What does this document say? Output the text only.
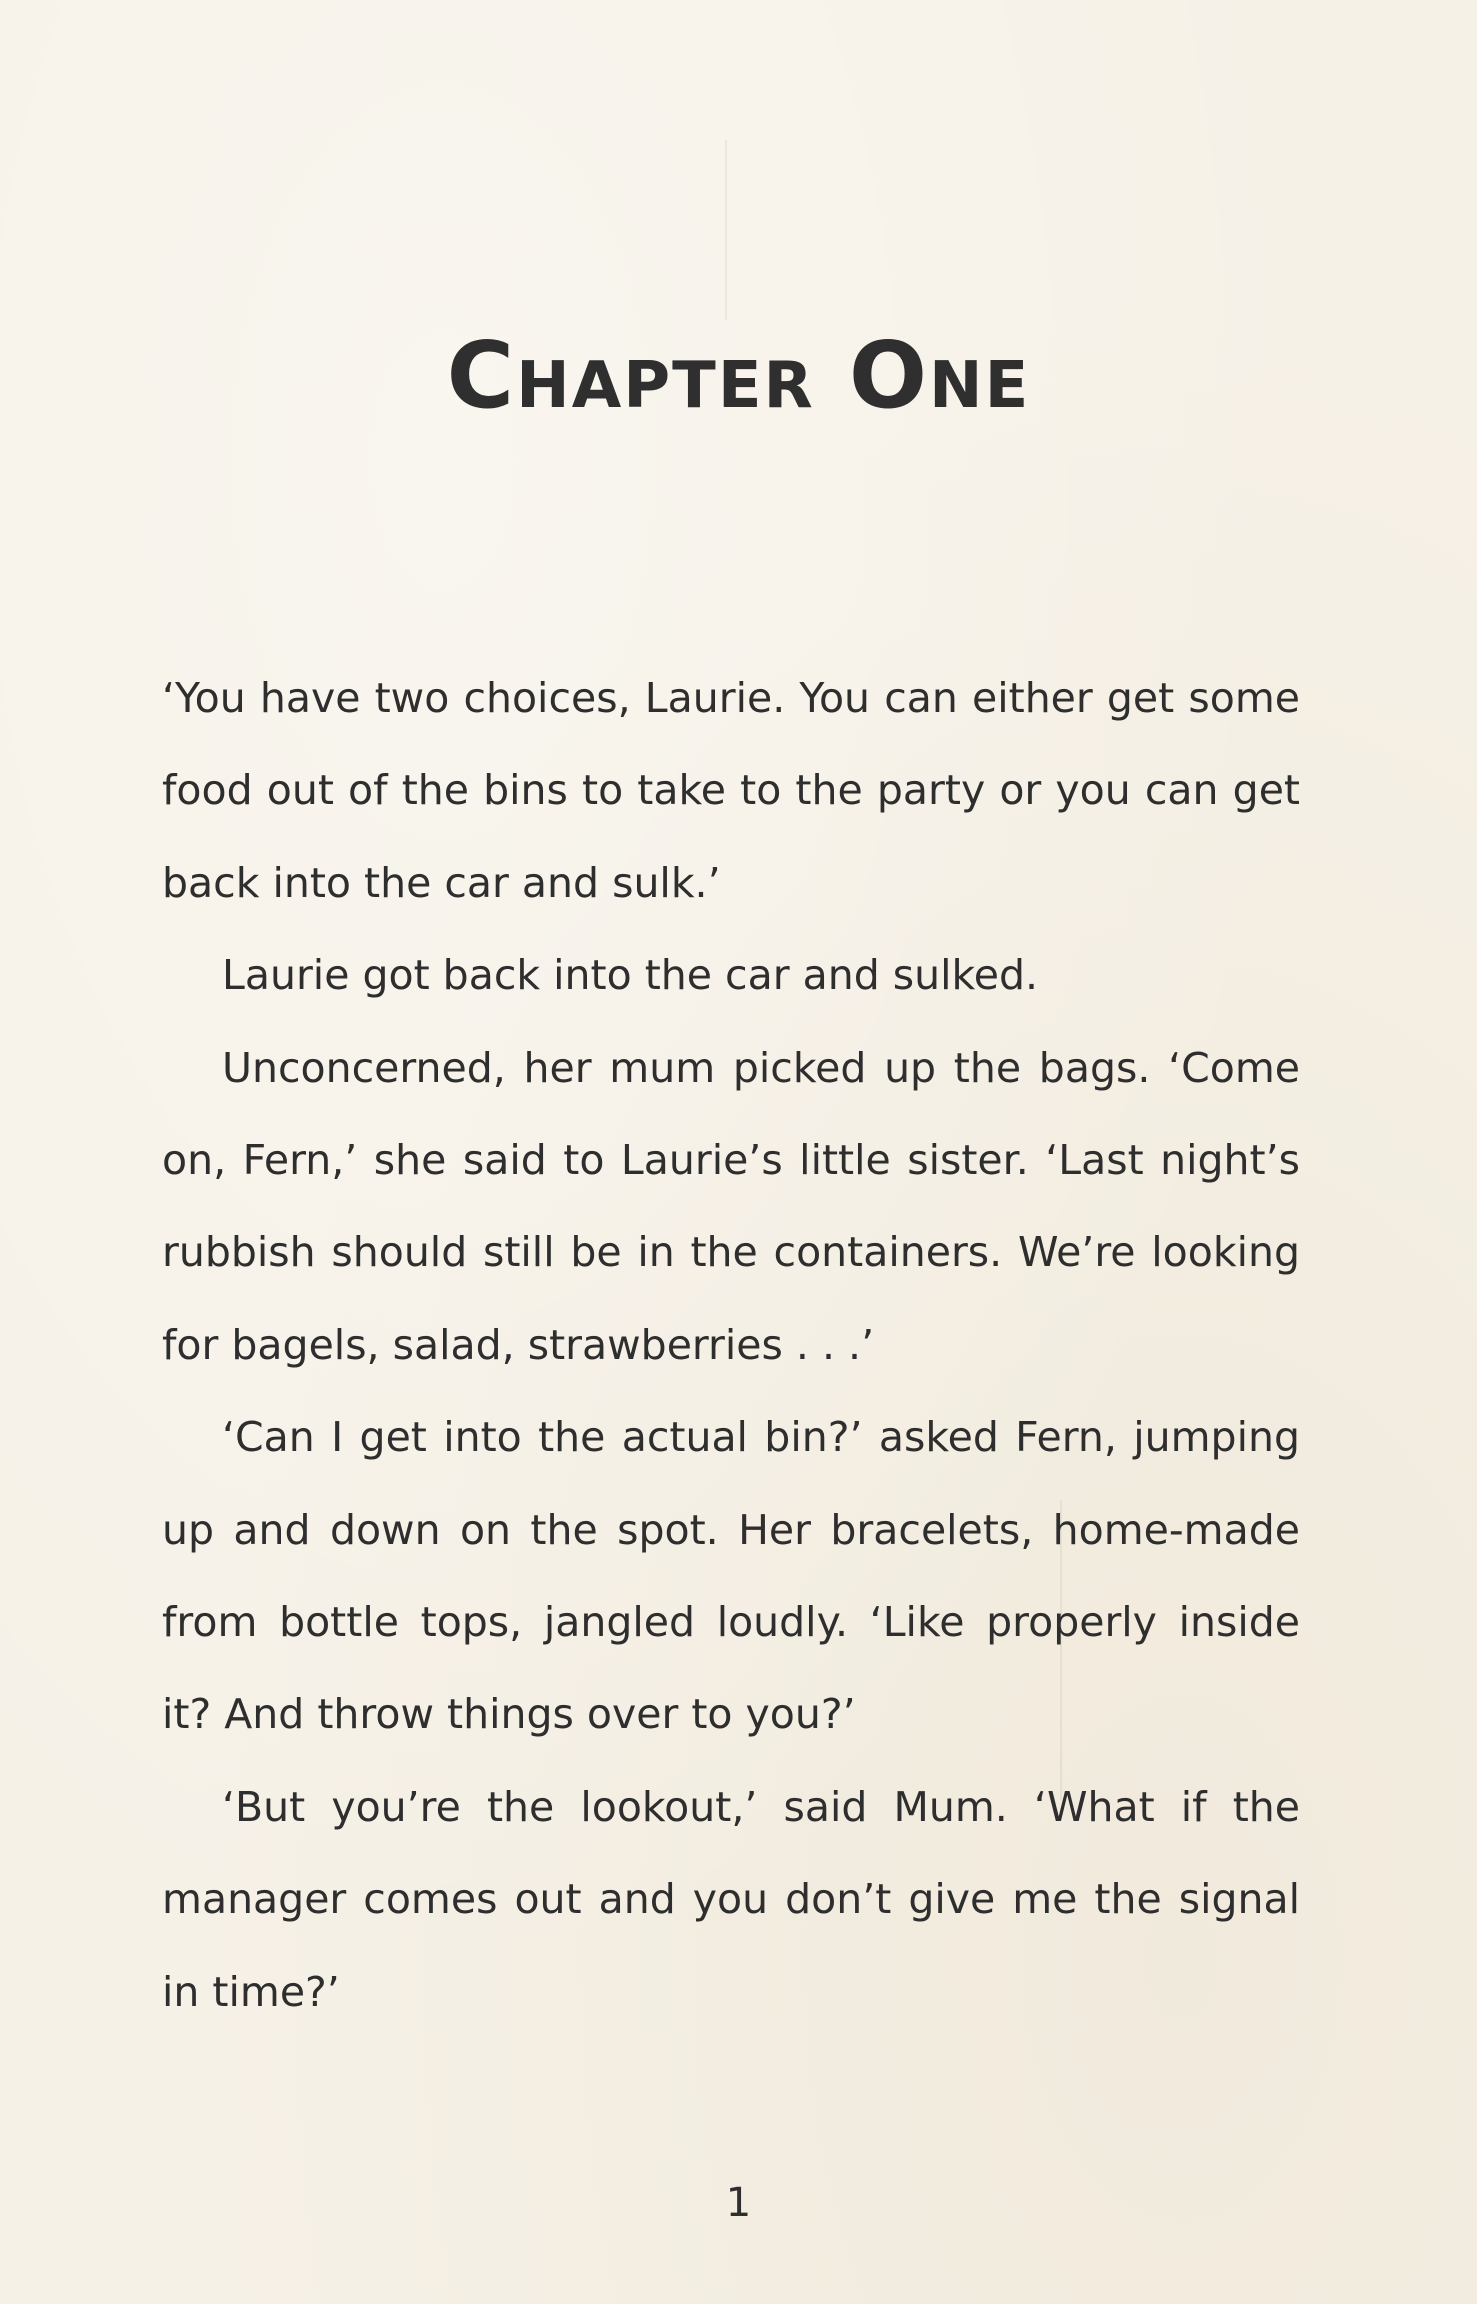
Chapter One

‘You have two choices, Laurie. You can either get some food out of the bins to take to the party or you can get back into the car and sulk.’

Laurie got back into the car and sulked.

Unconcerned, her mum picked up the bags. ‘Come on, Fern,’ she said to Laurie’s little sister. ‘Last night’s rubbish should still be in the containers. We’re looking for bagels, salad, strawberries . . .’

‘Can I get into the actual bin?’ asked Fern, jumping up and down on the spot. Her bracelets, home-made from bottle tops, jangled loudly. ‘Like properly inside it? And throw things over to you?’

‘But you’re the lookout,’ said Mum. ‘What if the manager comes out and you don’t give me the signal in time?’

1
